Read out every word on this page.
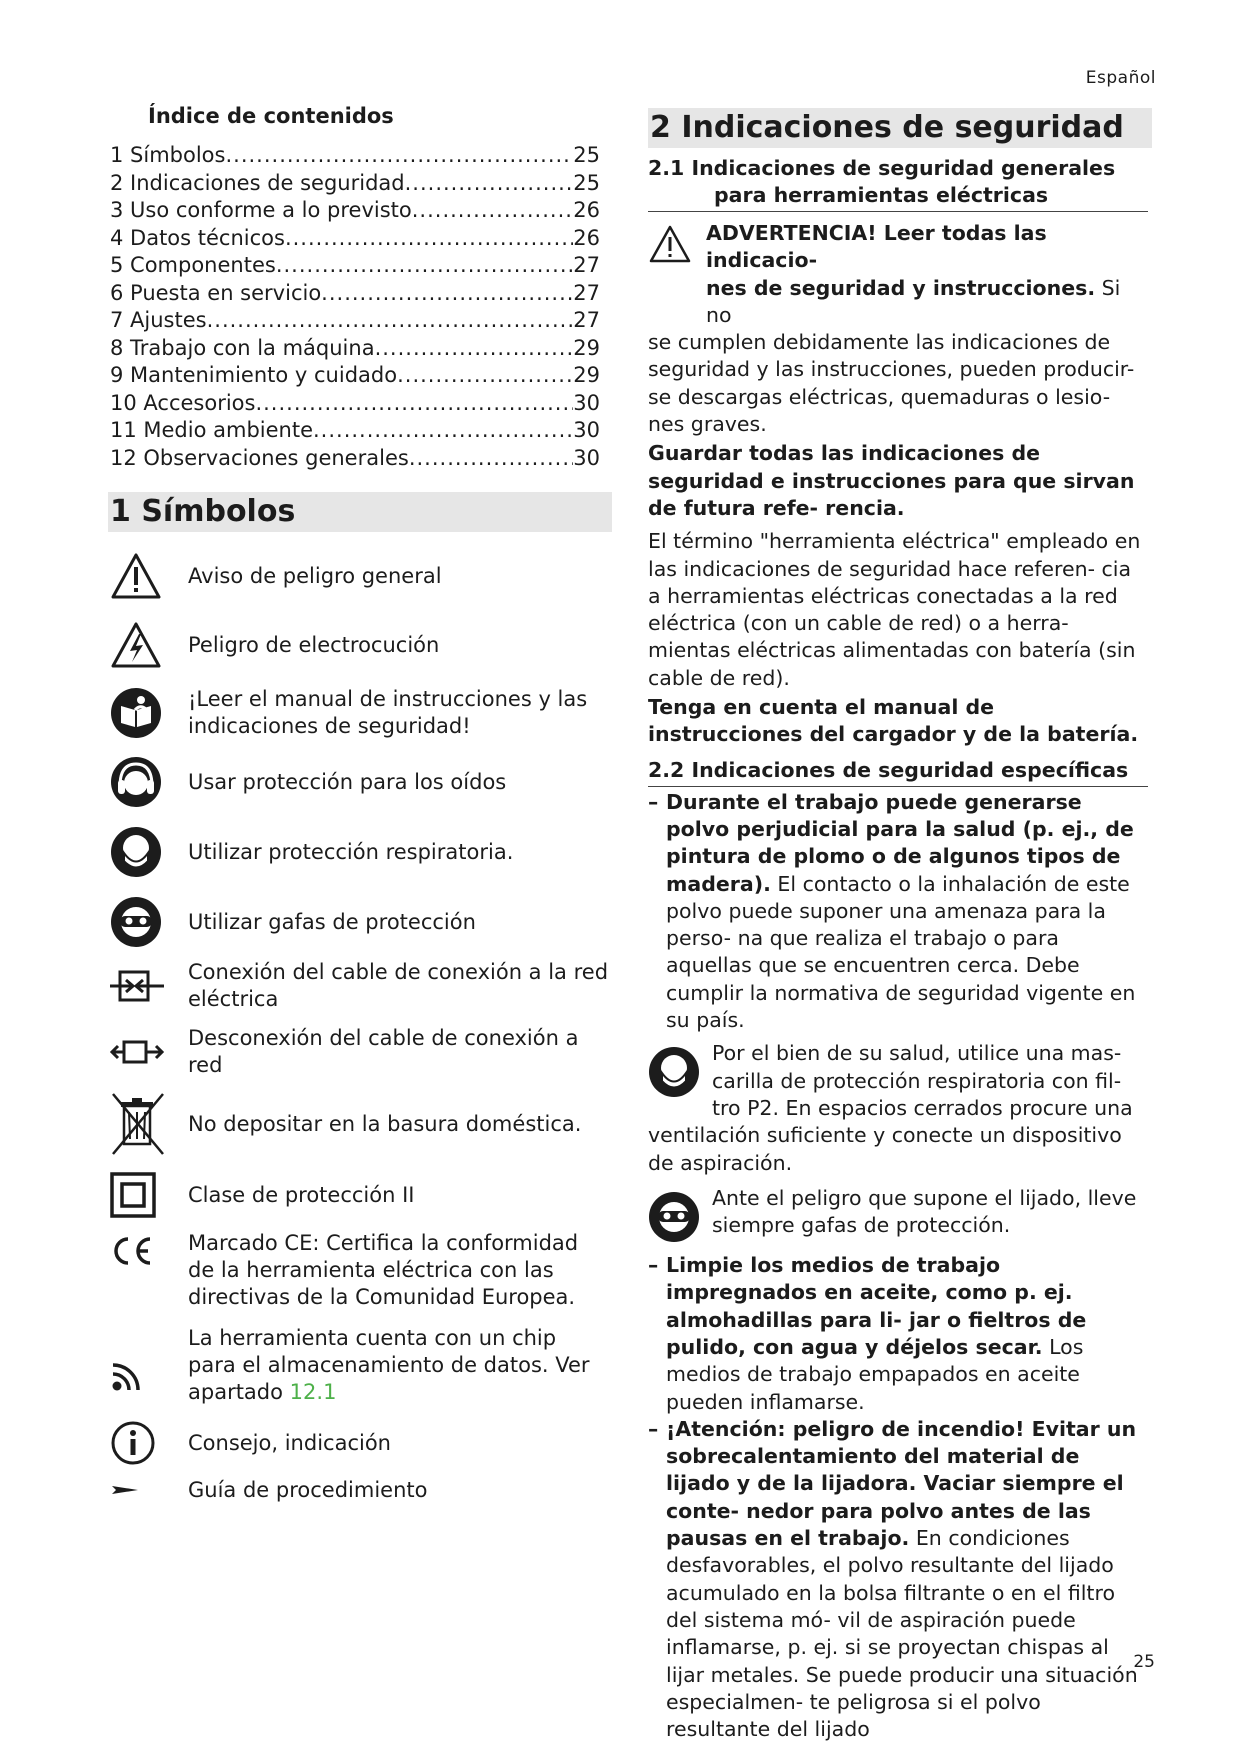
Español
Índice de contenidos
1 Símbolos .....	25
2 Indicaciones de seguridad .....	25
3 Uso conforme a lo previsto .....	26
4 Datos técnicos .....	26
5 Componentes .....	27
6 Puesta en servicio .....	27
7 Ajustes .....	27
8 Trabajo con la máquina .....	29
9 Mantenimiento y cuidado .....	29
10 Accesorios .....	30
11 Medio ambiente .....	30
12 Observaciones generales .....	30
1 Símbolos
Aviso de peligro general
Peligro de electrocución
¡Leer el manual de instrucciones y las indicaciones de seguridad!
Usar protección para los oídos
Utilizar protección respiratoria.
Utilizar gafas de protección
Conexión del cable de conexión a la red eléctrica
Desconexión del cable de conexión a red
No depositar en la basura doméstica.
Clase de protección II
Marcado CE: Certifica la conformidad de la herramienta eléctrica con las directivas de la Comunidad Europea.
La herramienta cuenta con un chip para el almacenamiento de datos. Ver apartado 12.1
Consejo, indicación
Guía de procedimiento
2 Indicaciones de seguridad
2.1 Indicaciones de seguridad generales
para herramientas eléctricas
ADVERTENCIA! Leer todas las indicacio-
nes de seguridad y instrucciones. Si no
se cumplen debidamente las indicaciones de seguridad y las instrucciones, pueden producir- se descargas eléctricas, quemaduras o lesio- nes graves.
Guardar todas las indicaciones de seguridad e instrucciones para que sirvan de futura refe- rencia.
El término "herramienta eléctrica" empleado en las indicaciones de seguridad hace referen- cia a herramientas eléctricas conectadas a la red eléctrica (con un cable de red) o a herra- mientas eléctricas alimentadas con batería (sin cable de red).
Tenga en cuenta el manual de instrucciones del cargador y de la batería.
2.2 Indicaciones de seguridad específicas
– Durante el trabajo puede generarse polvo perjudicial para la salud (p. ej., de pintura de plomo o de algunos tipos de madera). El contacto o la inhalación de este polvo puede suponer una amenaza para la perso- na que realiza el trabajo o para aquellas que se encuentren cerca. Debe cumplir la normativa de seguridad vigente en su país.
Por el bien de su salud, utilice una mas- carilla de protección respiratoria con fil- tro P2. En espacios cerrados procure una ventilación suficiente y conecte un dispositivo de aspiración.
Ante el peligro que supone el lijado, lleve siempre gafas de protección.
– Limpie los medios de trabajo impregnados en aceite, como p. ej. almohadillas para li- jar o fieltros de pulido, con agua y déjelos secar. Los medios de trabajo empapados en aceite pueden inflamarse.
– ¡Atención: peligro de incendio! Evitar un sobrecalentamiento del material de lijado y de la lijadora. Vaciar siempre el conte- nedor para polvo antes de las pausas en el trabajo. En condiciones desfavorables, el polvo resultante del lijado acumulado en la bolsa filtrante o en el filtro del sistema mó- vil de aspiración puede inflamarse, p. ej. si se proyectan chispas al lijar metales. Se puede producir una situación especialmen- te peligrosa si el polvo resultante del lijado
25
